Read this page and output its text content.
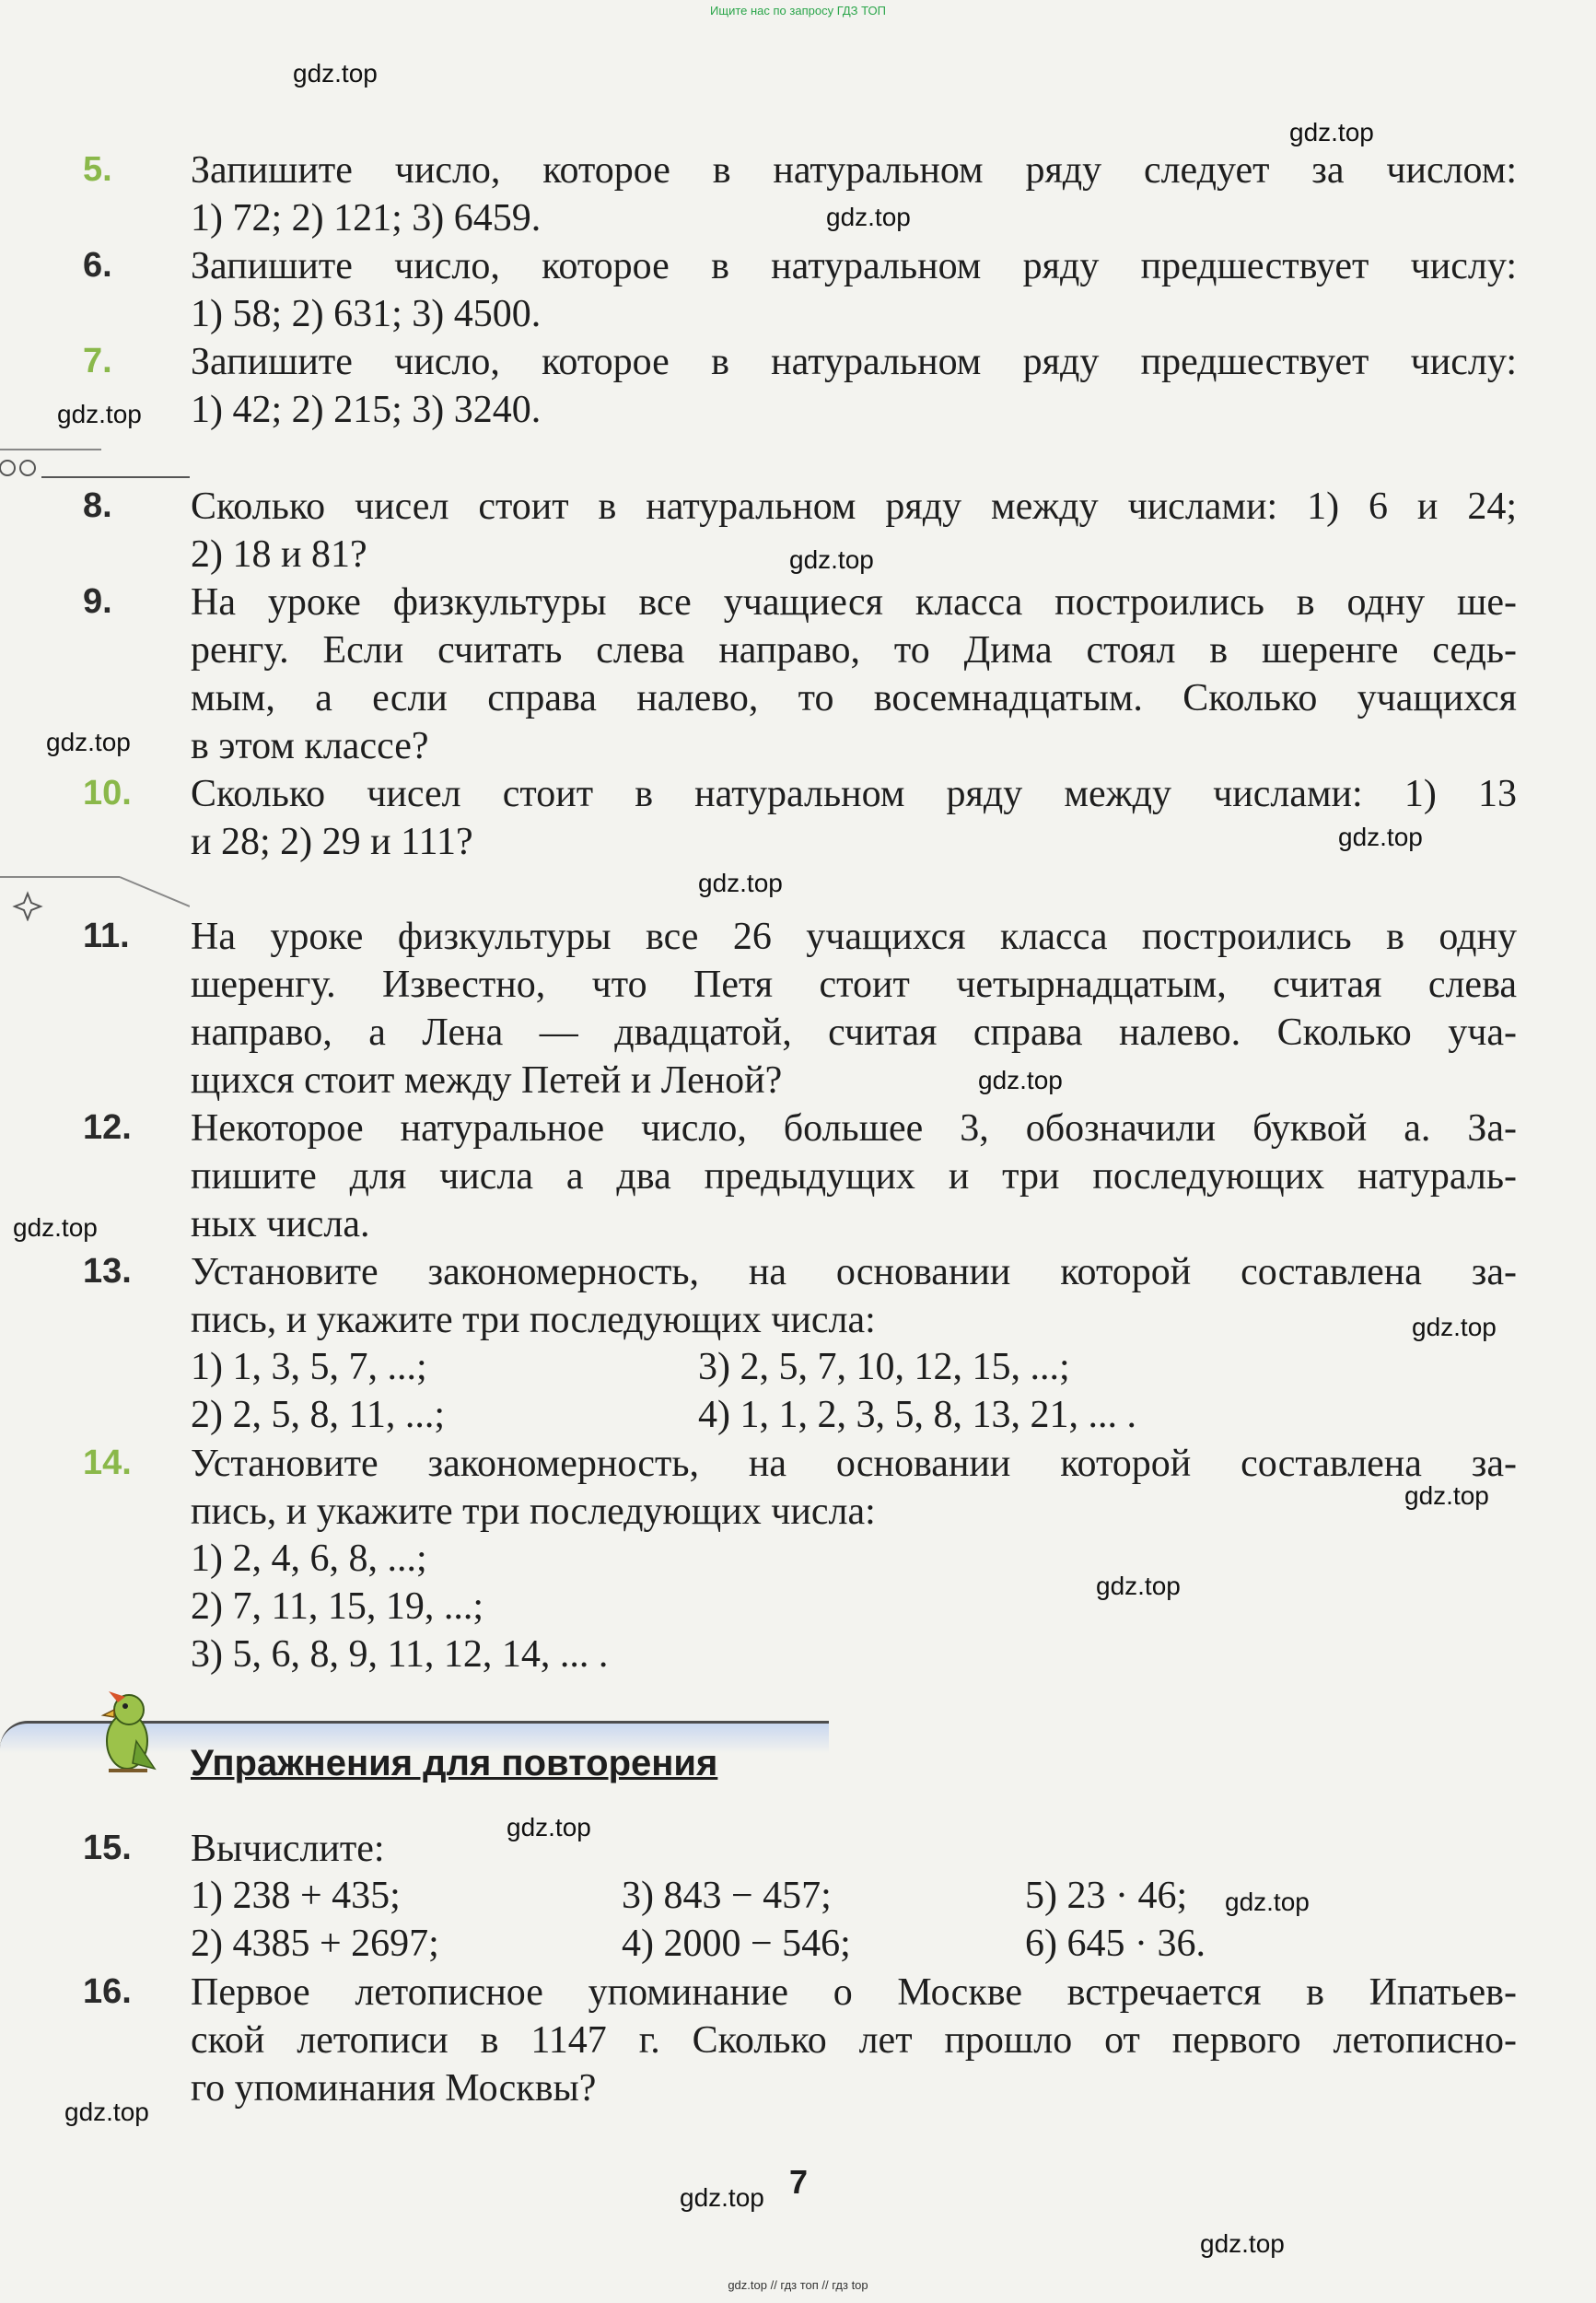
Ищите нас по запросу ГДЗ ТОП
gdz.top
gdz.top
gdz.top
gdz.top
gdz.top
gdz.top
gdz.top
gdz.top
gdz.top
gdz.top
gdz.top
gdz.top
gdz.top
gdz.top
gdz.top
gdz.top
gdz.top
gdz.top
5.	Запишите число, которое в натуральном ряду следует за числом:
1) 72; 2) 121; 3) 6459.
6.	Запишите число, которое в натуральном ряду предшествует числу:
1) 58; 2) 631; 3) 4500.
7.	Запишите число, которое в натуральном ряду предшествует числу:
1) 42; 2) 215; 3) 3240.
8.	Сколько чисел стоит в натуральном ряду между числами: 1) 6 и 24;
2) 18 и 81?
9.	На уроке физкультуры все учащиеся класса построились в одну ше-
ренгу. Если считать слева направо, то Дима стоял в шеренге седь-
мым, а если справа налево, то восемнадцатым. Сколько учащихся
в этом классе?
10.	Сколько чисел стоит в натуральном ряду между числами: 1) 13
и 28; 2) 29 и 111?
11.	На уроке физкультуры все 26 учащихся класса построились в одну
шеренгу. Известно, что Петя стоит четырнадцатым, считая слева
направо, а Лена — двадцатой, считая справа налево. Сколько уча-
щихся стоит между Петей и Леной?
12.	Некоторое натуральное число, большее 3, обозначили буквой a. За-
пишите для числа a два предыдущих и три последующих натураль-
ных числа.
13.	Установите закономерность, на основании которой составлена за-
пись, и укажите три последующих числа:
1) 1, 3, 5, 7, ...;	3) 2, 5, 7, 10, 12, 15, ...;
2) 2, 5, 8, 11, ...;	4) 1, 1, 2, 3, 5, 8, 13, 21, ... .
14.	Установите закономерность, на основании которой составлена за-
пись, и укажите три последующих числа:
1) 2, 4, 6, 8, ...;
2) 7, 11, 15, 19, ...;
3) 5, 6, 8, 9, 11, 12, 14, ... .
Упражнения для повторения
15.	Вычислите:
1) 238 + 435;	3) 843 − 457;	5) 23 · 46;
2) 4385 + 2697;	4) 2000 − 546;	6) 645 · 36.
16.	Первое летописное упоминание о Москве встречается в Ипатьев-
ской летописи в 1147 г. Сколько лет прошло от первого летописно-
го упоминания Москвы?
7
gdz.top // гдз топ // гдз top
